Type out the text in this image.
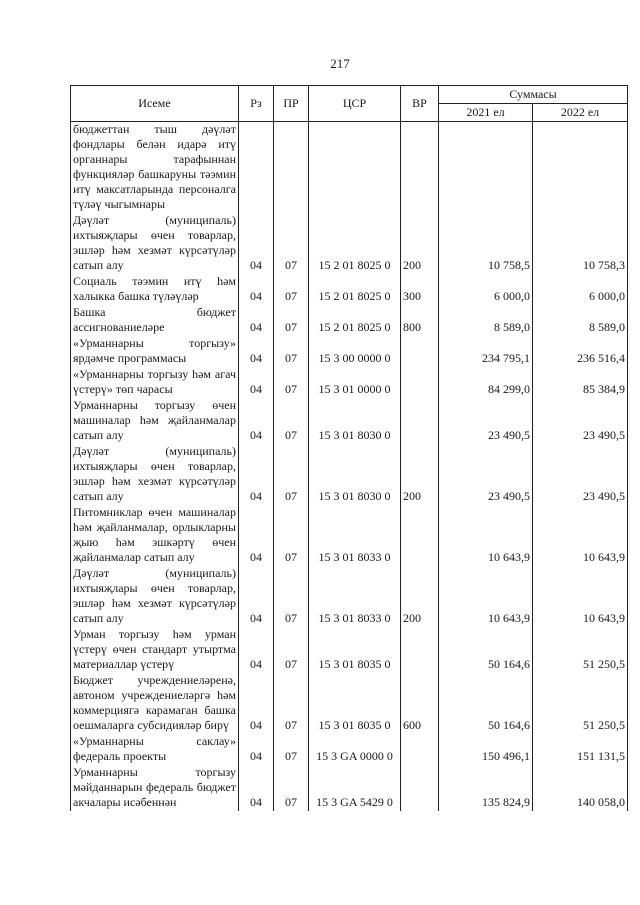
217
Исеме	Рз	ПР	ЦСР	ВР	Суммасы	
					2021 ел	2022 ел
бюджеттан тыш дәүләт фондлары белән идарә итү органнары тарафыннан функцияләр башкаруны тәэмин итү максатларында персоналга түләү чыгымнары						
Дәүләт (муниципаль) ихтыяҗлары өчен товарлар, эшләр һәм хезмәт күрсәтүләр сатып алу	04	07	15 2 01 8025 0	200	10 758,5	10 758,3
Социаль тәэмин итү һәм халыкка башка түләүләр	04	07	15 2 01 8025 0	300	6 000,0	6 000,0
Башка бюджет ассигнованиеләре	04	07	15 2 01 8025 0	800	8 589,0	8 589,0
«Урманнарны торгызу» ярдәмче программасы	04	07	15 3 00 0000 0		234 795,1	236 516,4
«Урманнарны торгызу һәм агач үстерү» төп чарасы	04	07	15 3 01 0000 0		84 299,0	85 384,9
Урманнарны торгызу өчен машиналар һәм җайланмалар сатып алу	04	07	15 3 01 8030 0		23 490,5	23 490,5
Дәүләт (муниципаль) ихтыяҗлары өчен товарлар, эшләр һәм хезмәт күрсәтүләр сатып алу	04	07	15 3 01 8030 0	200	23 490,5	23 490,5
Питомниклар өчен машиналар һәм җайланмалар, орлыкларны җыю һәм эшкәртү өчен җайланмалар сатып алу	04	07	15 3 01 8033 0		10 643,9	10 643,9
Дәүләт (муниципаль) ихтыяҗлары өчен товарлар, эшләр һәм хезмәт күрсәтүләр сатып алу	04	07	15 3 01 8033 0	200	10 643,9	10 643,9
Урман торгызу һәм урман үстерү өчен стандарт утыртма материаллар үстерү	04	07	15 3 01 8035 0		50 164,6	51 250,5
Бюджет учреждениеләренә, автоном учреждениеләргә һәм коммерциягә карамаган башка оешмаларга субсидияләр бирү	04	07	15 3 01 8035 0	600	50 164,6	51 250,5
«Урманнарны саклау» федераль проекты	04	07	15 3 GA 0000 0		150 496,1	151 131,5
Урманнарны торгызу мәйданнарын федераль бюджет акчалары исәбеннән	04	07	15 3 GA 5429 0		135 824,9	140 058,0
